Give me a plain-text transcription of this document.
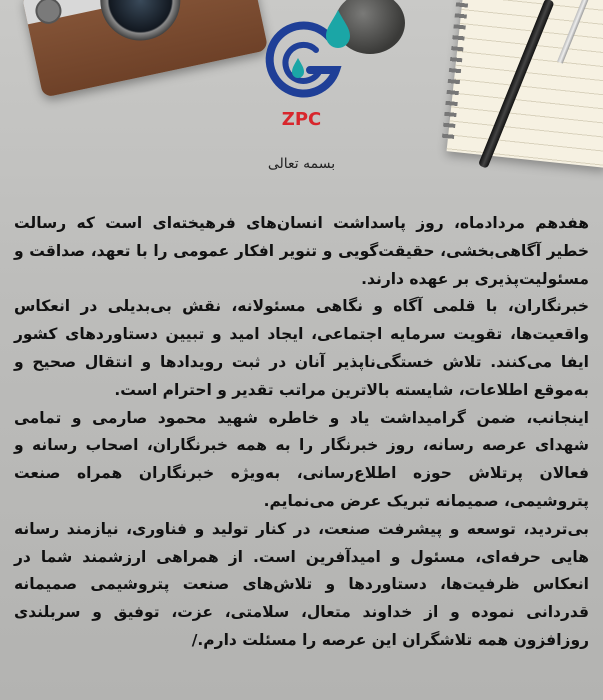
ZPC
بسمه تعالی

هفدهم مردادماه، روز پاسداشت انسان‌های فرهیخته‌ای است که رسالت خطیر آگاهی‌بخشی، حقیقت‌گویی و تنویر افکار عمومی را با تعهد، صداقت و مسئولیت‌پذیری بر عهده دارند.

خبرنگاران، با قلمی آگاه و نگاهی مسئولانه، نقش بی‌بدیلی در انعکاس واقعیت‌ها، تقویت سرمایه اجتماعی، ایجاد امید و تبیین دستاوردهای کشور ایفا می‌کنند. تلاش خستگی‌ناپذیر آنان در ثبت رویدادها و انتقال صحیح و به‌موقع اطلاعات، شایسته بالاترین مراتب تقدیر و احترام است.

اینجانب، ضمن گرامیداشت یاد و خاطره شهید محمود صارمی و تمامی شهدای عرصه رسانه، روز خبرنگار را به همه خبرنگاران، اصحاب رسانه و فعالان پرتلاش حوزه اطلاع‌رسانی، به‌ویژه خبرنگاران همراه صنعت پتروشیمی، صمیمانه تبریک عرض می‌نمایم.

بی‌تردید، توسعه و پیشرفت صنعت، در کنار تولید و فناوری، نیازمند رسانه هایی حرفه‌ای، مسئول و امیدآفرین است. از همراهی ارزشمند شما در انعکاس ظرفیت‌ها، دستاوردها و تلاش‌های صنعت پتروشیمی صمیمانه قدردانی نموده و از خداوند متعال، سلامتی، عزت، توفیق و سربلندی روزافزون همه تلاشگران این عرصه را مسئلت دارم./
